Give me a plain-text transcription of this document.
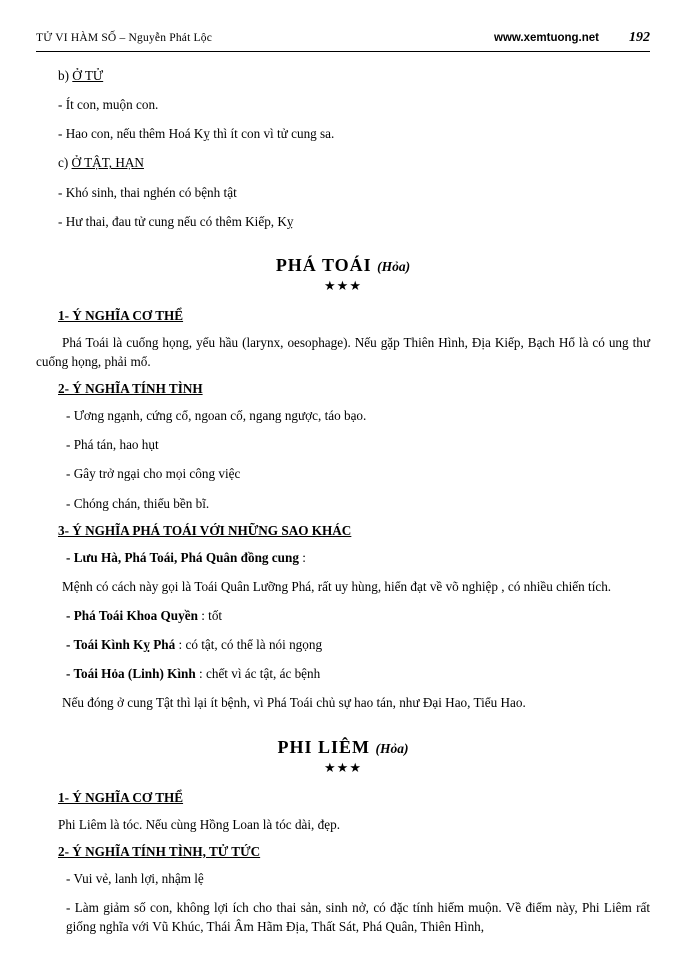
TỬ VI HÀM SỐ – Nguyễn Phát Lộc	www.xemtuong.net 192

b) Ở TỬ

- Ít con, muộn con.

- Hao con, nếu thêm Hoá Kỵ thì ít con vì tử cung sa.

c) Ở TẬT, HẠN

- Khó sinh, thai nghén có bệnh tật

- Hư thai, đau tử cung nếu có thêm Kiếp, Kỵ

PHÁ TOÁI (Hỏa)
★★★
1- Ý NGHĨA CƠ THỂ

Phá Toái là cuống họng, yếu hầu (larynx, oesophage). Nếu gặp Thiên Hình, Địa Kiếp, Bạch Hổ là có ung thư cuống họng, phải mổ.

2- Ý NGHĨA TÍNH TÌNH

- Ương ngạnh, cứng cổ, ngoan cố, ngang ngược, táo bạo.

- Phá tán, hao hụt

- Gây trở ngại cho mọi công việc

- Chóng chán, thiếu bền bĩ.

3- Ý NGHĨA PHÁ TOÁI VỚI NHỮNG SAO KHÁC

- Lưu Hà, Phá Toái, Phá Quân đồng cung :

Mệnh có cách này gọi là Toái Quân Lưỡng Phá, rất uy hùng, hiển đạt về võ nghiệp , có nhiều chiến tích.

- Phá Toái Khoa Quyền : tốt

- Toái Kình Kỵ Phá : có tật, có thể là nói ngọng

- Toái Hỏa (Linh) Kình : chết vì ác tật, ác bệnh

Nếu đóng ở cung Tật thì lại ít bệnh, vì Phá Toái chủ sự hao tán, như Đại Hao, Tiểu Hao.

PHI LIÊM (Hỏa)
★★★
1- Ý NGHĨA CƠ THỂ

Phi Liêm là tóc. Nếu cùng Hồng Loan là tóc dài, đẹp.

2- Ý NGHĨA TÍNH TÌNH, TỬ TỨC

- Vui vẻ, lanh lợi, nhậm lệ

- Làm giảm số con, không lợi ích cho thai sản, sinh nở, có đặc tính hiếm muộn. Về điểm này, Phi Liêm rất giống nghĩa với Vũ Khúc, Thái Âm Hãm Địa, Thất Sát, Phá Quân, Thiên Hình,
